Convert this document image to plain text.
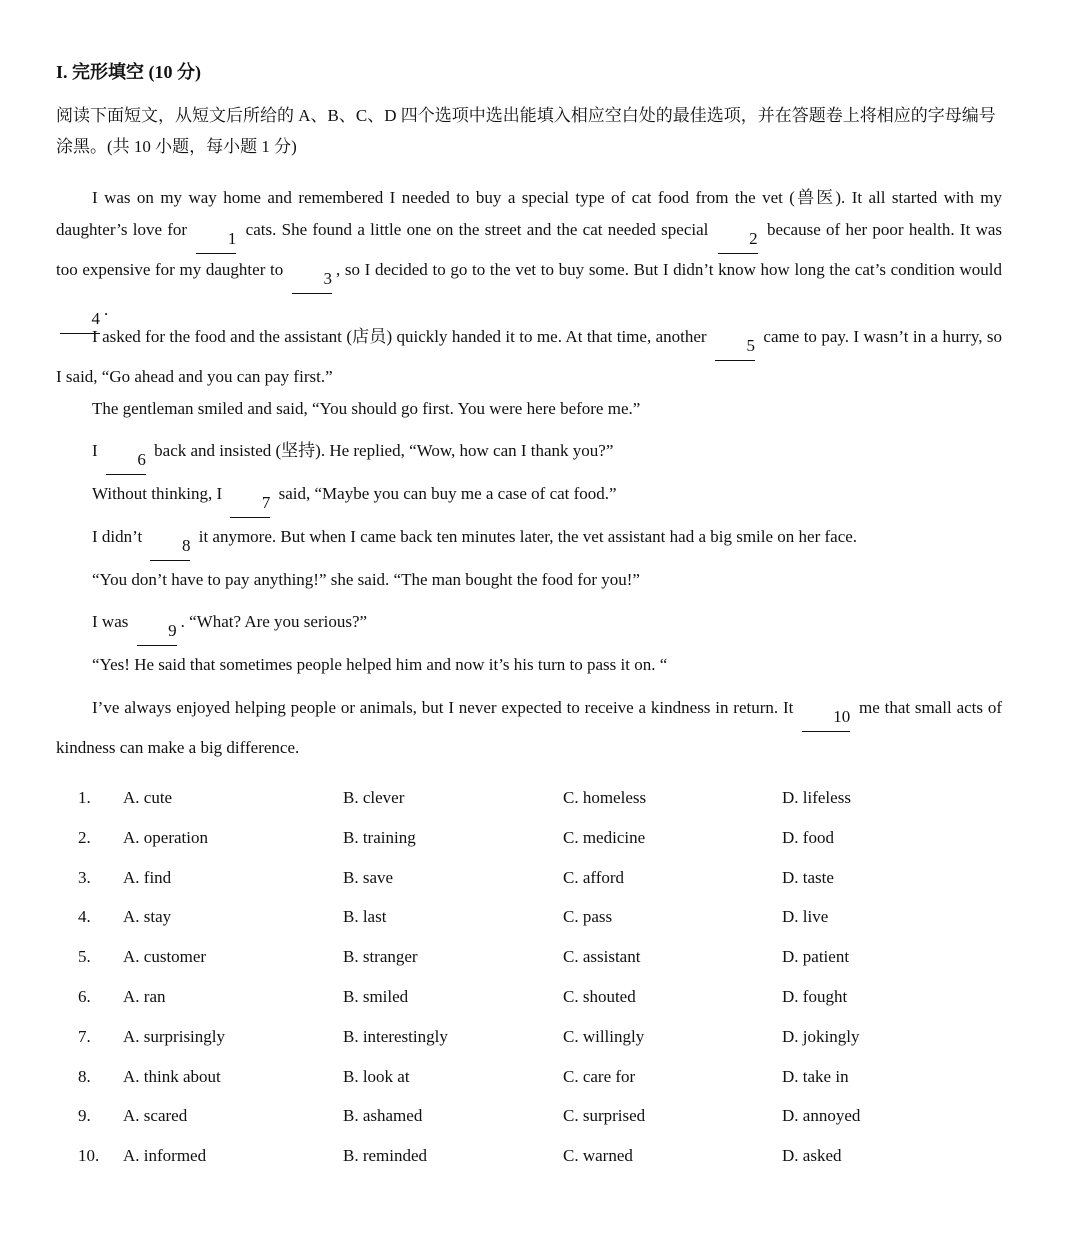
I. 完形填空 (10 分)
阅读下面短文，从短文后所给的 A、B、C、D 四个选项中选出能填入相应空白处的最佳选项，并在答题卷上将相应的字母编号涂黑。(共 10 小题，每小题 1 分)
I was on my way home and remembered I needed to buy a special type of cat food from the vet (兽医). It all started with my daughter’s love for 1 cats. She found a little one on the street and the cat needed special 2 because of her poor health. It was too expensive for my daughter to 3 , so I decided to go to the vet to buy some. But I didn’t know how long the cat’s condition would 4 .
I asked for the food and the assistant (店员) quickly handed it to me. At that time, another 5 came to pay. I wasn’t in a hurry, so I said, “Go ahead and you can pay first.”
The gentleman smiled and said, “You should go first. You were here before me.”
I 6 back and insisted (坚持). He replied, “Wow, how can I thank you?”
Without thinking, I 7 said, “Maybe you can buy me a case of cat food.”
I didn’t 8 it anymore. But when I came back ten minutes later, the vet assistant had a big smile on her face.
“You don’t have to pay anything!” she said. “The man bought the food for you!”
I was 9 . “What? Are you serious?”
“Yes! He said that sometimes people helped him and now it’s his turn to pass it on. “
I’ve always enjoyed helping people or animals, but I never expected to receive a kindness in return. It 10 me that small acts of kindness can make a big difference.
1. A. cute	B. clever	C. homeless	D. lifeless
2. A. operation	B. training	C. medicine	D. food
3. A. find	B. save	C. afford	D. taste
4. A. stay	B. last	C. pass	D. live
5. A. customer	B. stranger	C. assistant	D. patient
6. A. ran	B. smiled	C. shouted	D. fought
7. A. surprisingly	B. interestingly	C. willingly	D. jokingly
8. A. think about	B. look at	C. care for	D. take in
9. A. scared	B. ashamed	C. surprised	D. annoyed
10. A. informed	B. reminded	C. warned	D. asked
